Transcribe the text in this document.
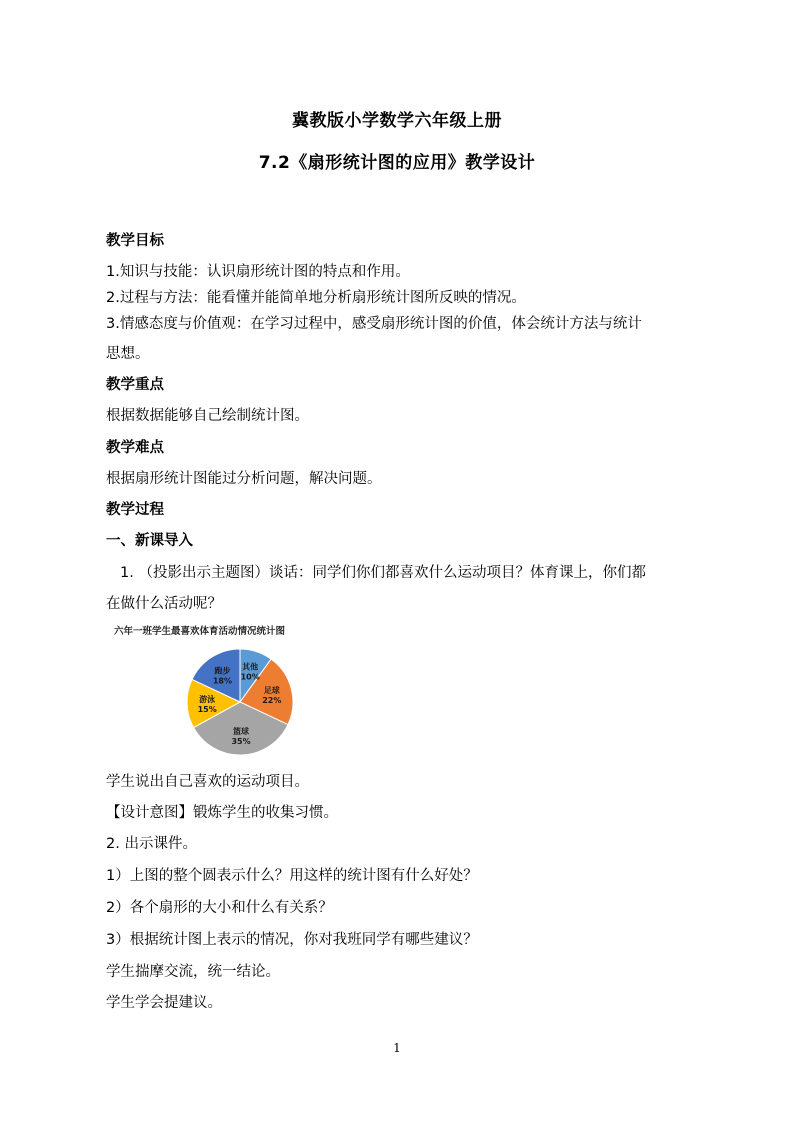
冀教版小学数学六年级上册
7.2《扇形统计图的应用》教学设计
教学目标
1.知识与技能：认识扇形统计图的特点和作用。
2.过程与方法：能看懂并能简单地分析扇形统计图所反映的情况。
3.情感态度与价值观：在学习过程中，感受扇形统计图的价值，体会统计方法与统计
思想。
教学重点
根据数据能够自己绘制统计图。
教学难点
根据扇形统计图能过分析问题，解决问题。
教学过程
一、新课导入
1. （投影出示主题图）谈话：同学们你们都喜欢什么运动项目？体育课上，你们都
在做什么活动呢？
六年一班学生最喜欢体育活动情况统计图
其他
10%
足球
22%
篮球
35%
游泳
15%
跑步
18%
学生说出自己喜欢的运动项目。
【设计意图】锻炼学生的收集习惯。
2. 出示课件。
1）上图的整个圆表示什么？用这样的统计图有什么好处？
2）各个扇形的大小和什么有关系？
3）根据统计图上表示的情况，你对我班同学有哪些建议？
学生揣摩交流，统一结论。
学生学会提建议。
1
